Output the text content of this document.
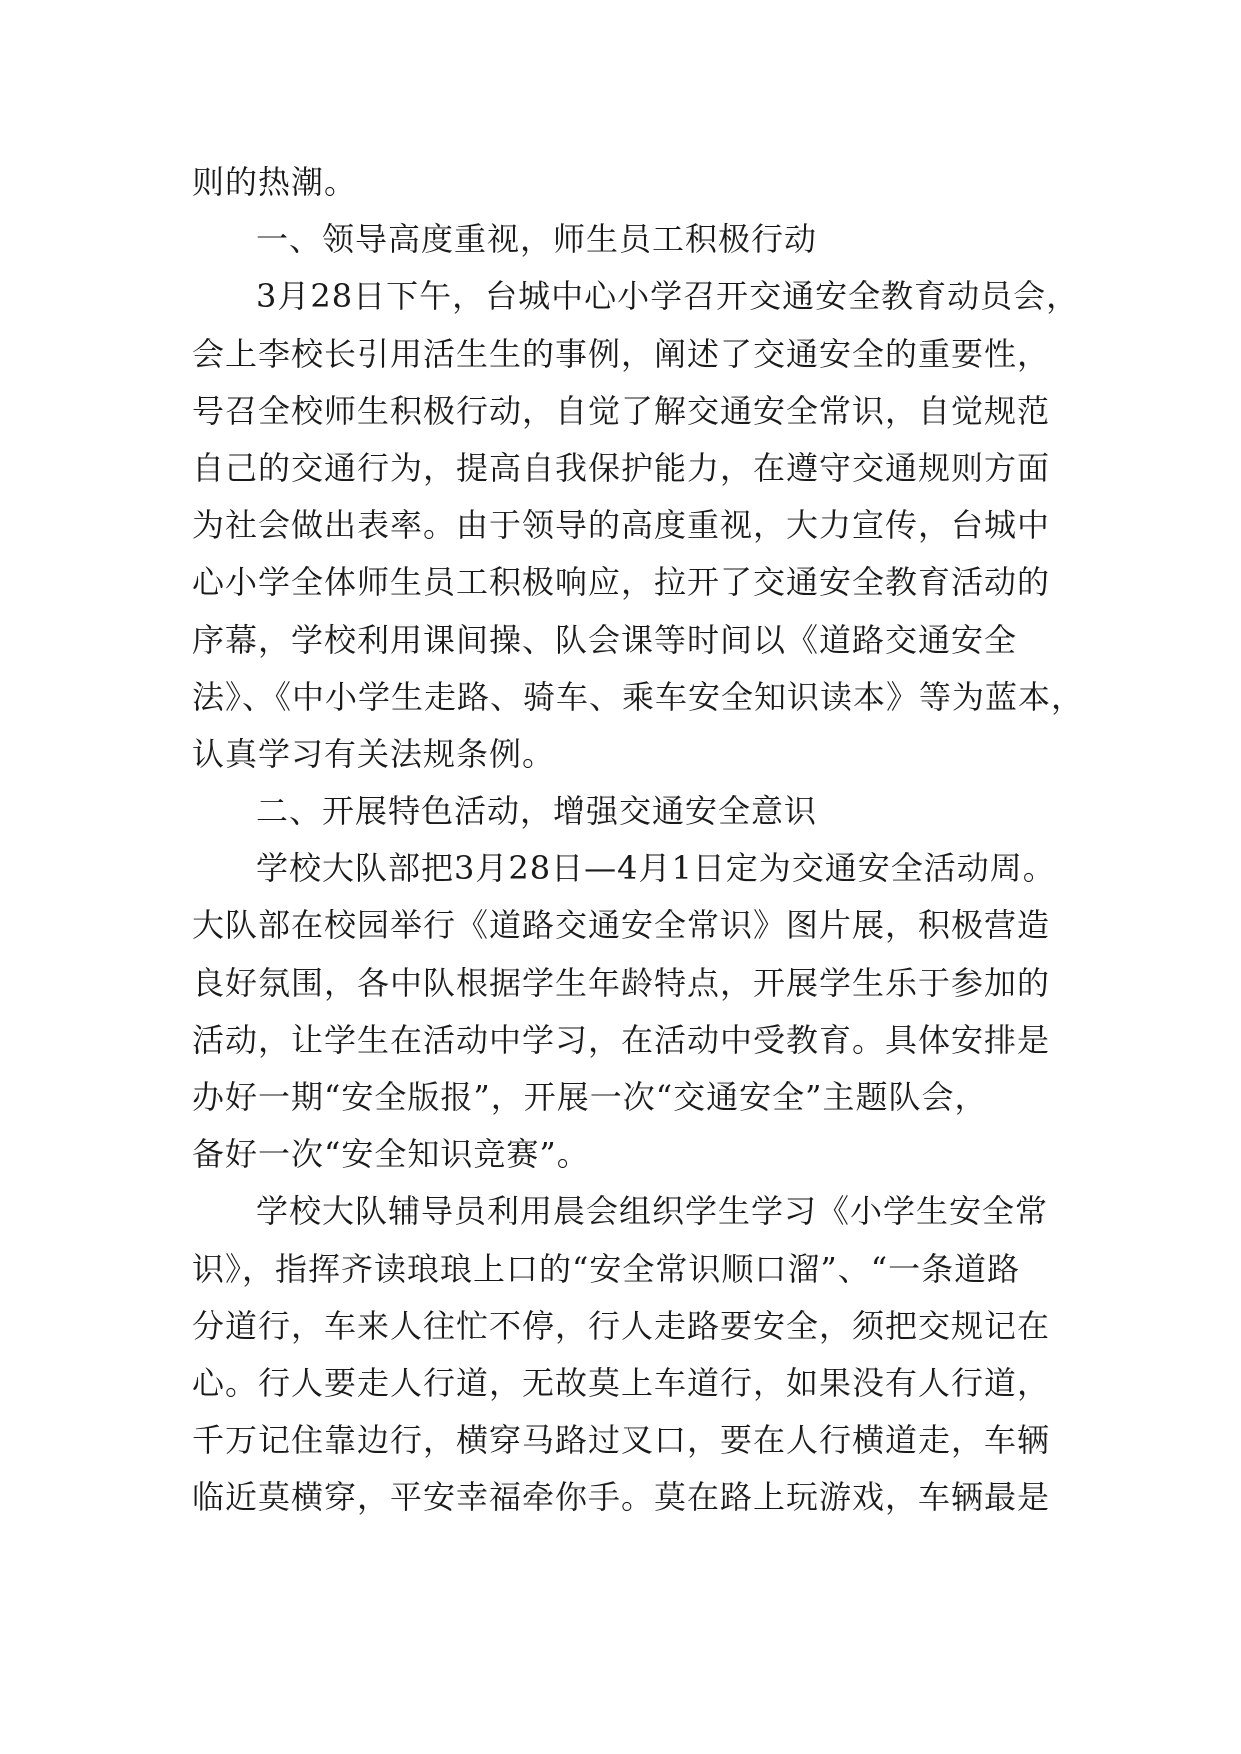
则的热潮。
一、领导高度重视，师生员工积极行动
3月28日下午，台城中心小学召开交通安全教育动员会，
会上李校长引用活生生的事例，阐述了交通安全的重要性，
号召全校师生积极行动，自觉了解交通安全常识，自觉规范
自己的交通行为，提高自我保护能力，在遵守交通规则方面
为社会做出表率。由于领导的高度重视，大力宣传，台城中
心小学全体师生员工积极响应，拉开了交通安全教育活动的
序幕，学校利用课间操、队会课等时间以《道路交通安全
法》、《中小学生走路、骑车、乘车安全知识读本》等为蓝本，
认真学习有关法规条例。
二、开展特色活动，增强交通安全意识
学校大队部把3月28日—4月1日定为交通安全活动周。
大队部在校园举行《道路交通安全常识》图片展，积极营造
良好氛围，各中队根据学生年龄特点，开展学生乐于参加的
活动，让学生在活动中学习，在活动中受教育。具体安排是
办好一期“安全版报”，开展一次“交通安全”主题队会，
备好一次“安全知识竞赛”。
学校大队辅导员利用晨会组织学生学习《小学生安全常
识》，指挥齐读琅琅上口的“安全常识顺口溜”、“一条道路
分道行，车来人往忙不停，行人走路要安全，须把交规记在
心。行人要走人行道，无故莫上车道行，如果没有人行道，
千万记住靠边行，横穿马路过叉口，要在人行横道走，车辆
临近莫横穿，平安幸福牵你手。莫在路上玩游戏，车辆最是
